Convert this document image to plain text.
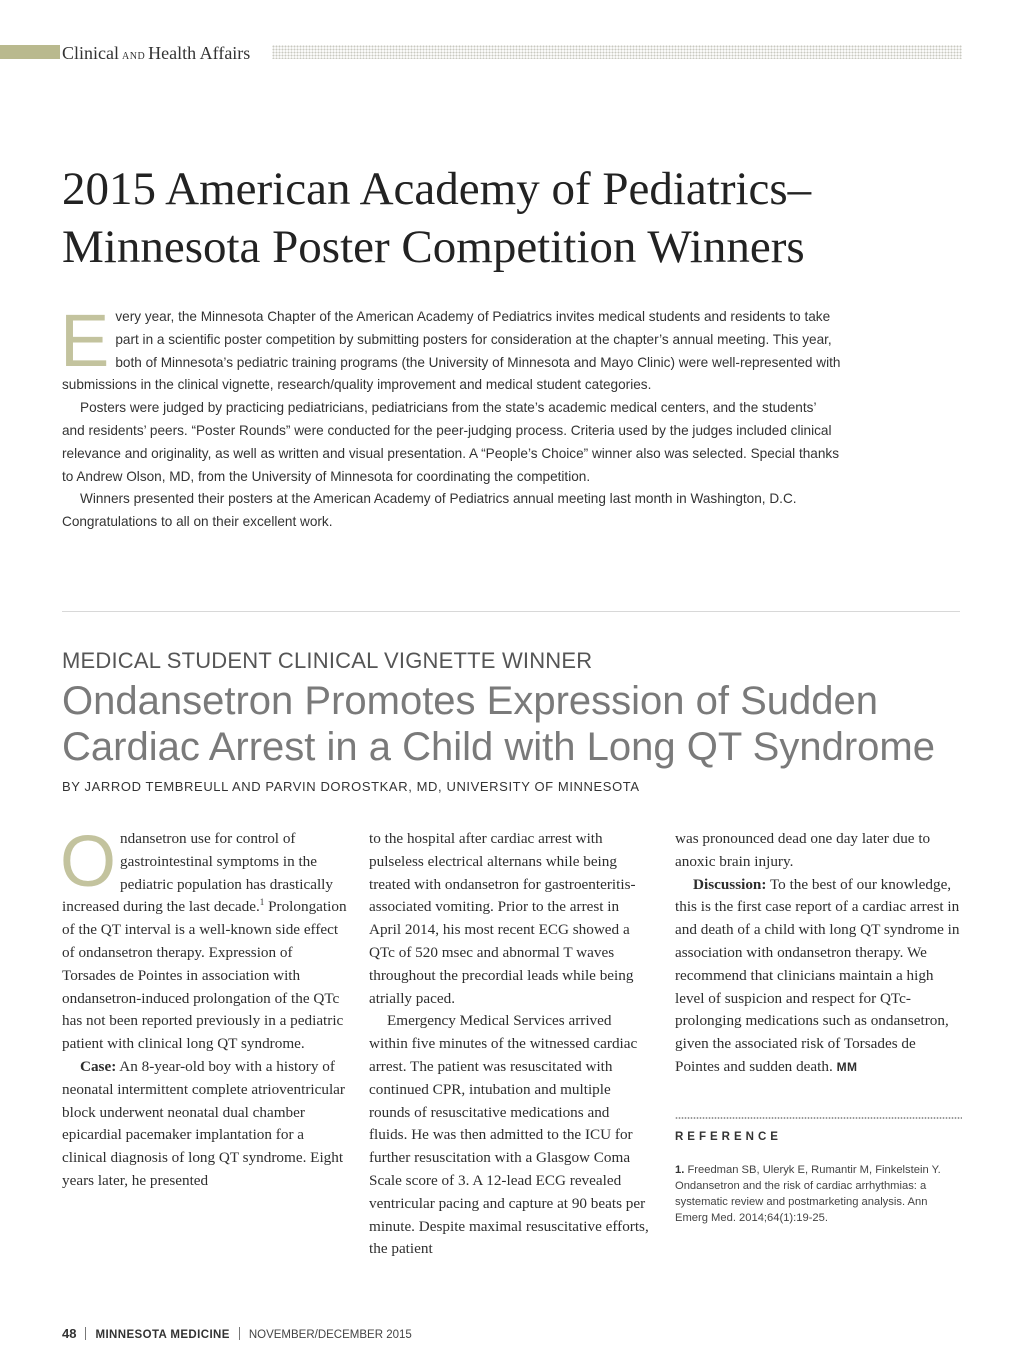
Clinical AND Health Affairs
2015 American Academy of Pediatrics–
Minnesota Poster Competition Winners

Every year, the Minnesota Chapter of the American Academy of Pediatrics invites medical students and residents to take part in a scientific poster competition by submitting posters for consideration at the chapter’s annual meeting. This year, both of Minnesota’s pediatric training programs (the University of Minnesota and Mayo Clinic) were well-represented with submissions in the clinical vignette, research/quality improvement and medical student categories.

Posters were judged by practicing pediatricians, pediatricians from the state’s academic medical centers, and the students’ and residents’ peers. “Poster Rounds” were conducted for the peer-judging process. Criteria used by the judges included clinical relevance and originality, as well as written and visual presentation. A “People’s Choice” winner also was selected. Special thanks to Andrew Olson, MD, from the University of Minnesota for coordinating the competition.

Winners presented their posters at the American Academy of Pediatrics annual meeting last month in Washington, D.C. Congratulations to all on their excellent work.

MEDICAL STUDENT CLINICAL VIGNETTE WINNER
Ondansetron Promotes Expression of Sudden
Cardiac Arrest in a Child with Long QT Syndrome
BY JARROD TEMBREULL AND PARVIN DOROSTKAR, MD, UNIVERSITY OF MINNESOTA

Ondansetron use for control of gastrointestinal symptoms in the pediatric population has drastically increased during the last decade.$^1$ Prolongation of the QT interval is a well-known side effect of ondansetron therapy. Expression of Torsades de Pointes in association with ondansetron-induced prolongation of the QTc has not been reported previously in a pediatric patient with clinical long QT syndrome.

Case: An 8-year-old boy with a history of neonatal intermittent complete atrioventricular block underwent neonatal dual chamber epicardial pacemaker implantation for a clinical diagnosis of long QT syndrome. Eight years later, he presented

to the hospital after cardiac arrest with pulseless electrical alternans while being treated with ondansetron for gastroenteritis-associated vomiting. Prior to the arrest in April 2014, his most recent ECG showed a QTc of 520 msec and abnormal T waves throughout the precordial leads while being atrially paced.

Emergency Medical Services arrived within five minutes of the witnessed cardiac arrest. The patient was resuscitated with continued CPR, intubation and multiple rounds of resuscitative medications and fluids. He was then admitted to the ICU for further resuscitation with a Glasgow Coma Scale score of 3. A 12-lead ECG revealed ventricular pacing and capture at 90 beats per minute. Despite maximal resuscitative efforts, the patient

was pronounced dead one day later due to anoxic brain injury.

Discussion: To the best of our knowledge, this is the first case report of a cardiac arrest in and death of a child with long QT syndrome in association with ondansetron therapy. We recommend that clinicians maintain a high level of suspicion and respect for QTc-prolonging medications such as ondansetron, given the associated risk of Torsades de Pointes and sudden death. MM

REFERENCE
1. Freedman SB, Uleryk E, Rumantir M, Finkelstein Y. Ondansetron and the risk of cardiac arrhythmias: a systematic review and postmarketing analysis. Ann Emerg Med. 2014;64(1):19-25.
48 MINNESOTA MEDICINE NOVEMBER/DECEMBER 2015
